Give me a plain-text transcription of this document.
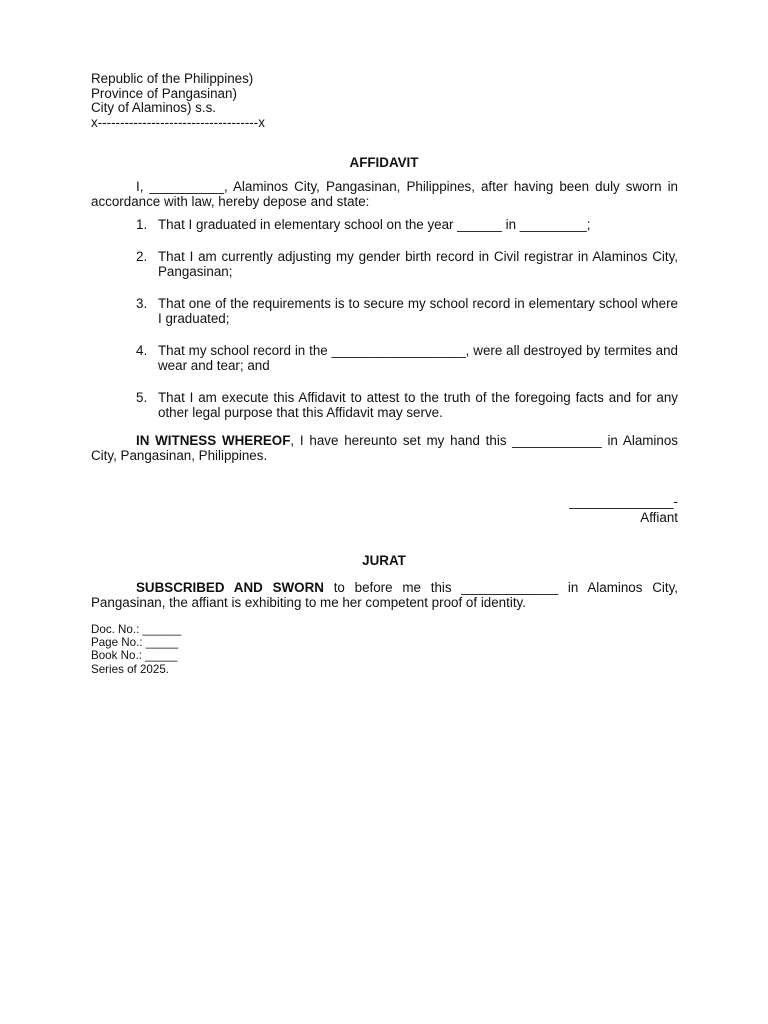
Republic of the Philippines)
Province of Pangasinan)
City of Alaminos) s.s.
x------------------------------------x
AFFIDAVIT
I, __________, Alaminos City, Pangasinan, Philippines, after having been duly sworn in accordance with law, hereby depose and state:
1. That I graduated in elementary school on the year ______ in _________;
2. That I am currently adjusting my gender birth record in Civil registrar in Alaminos City, Pangasinan;
3. That one of the requirements is to secure my school record in elementary school where I graduated;
4. That my school record in the __________________, were all destroyed by termites and wear and tear; and
5. That I am execute this Affidavit to attest to the truth of the foregoing facts and for any other legal purpose that this Affidavit may serve.
IN WITNESS WHEREOF, I have hereunto set my hand this ____________ in Alaminos City, Pangasinan, Philippines.
______________-
Affiant
JURAT
SUBSCRIBED AND SWORN to before me this _____________ in Alaminos City, Pangasinan, the affiant is exhibiting to me her competent proof of identity.
Doc. No.: ______
Page No.: _____
Book No.: _____
Series of 2025.
